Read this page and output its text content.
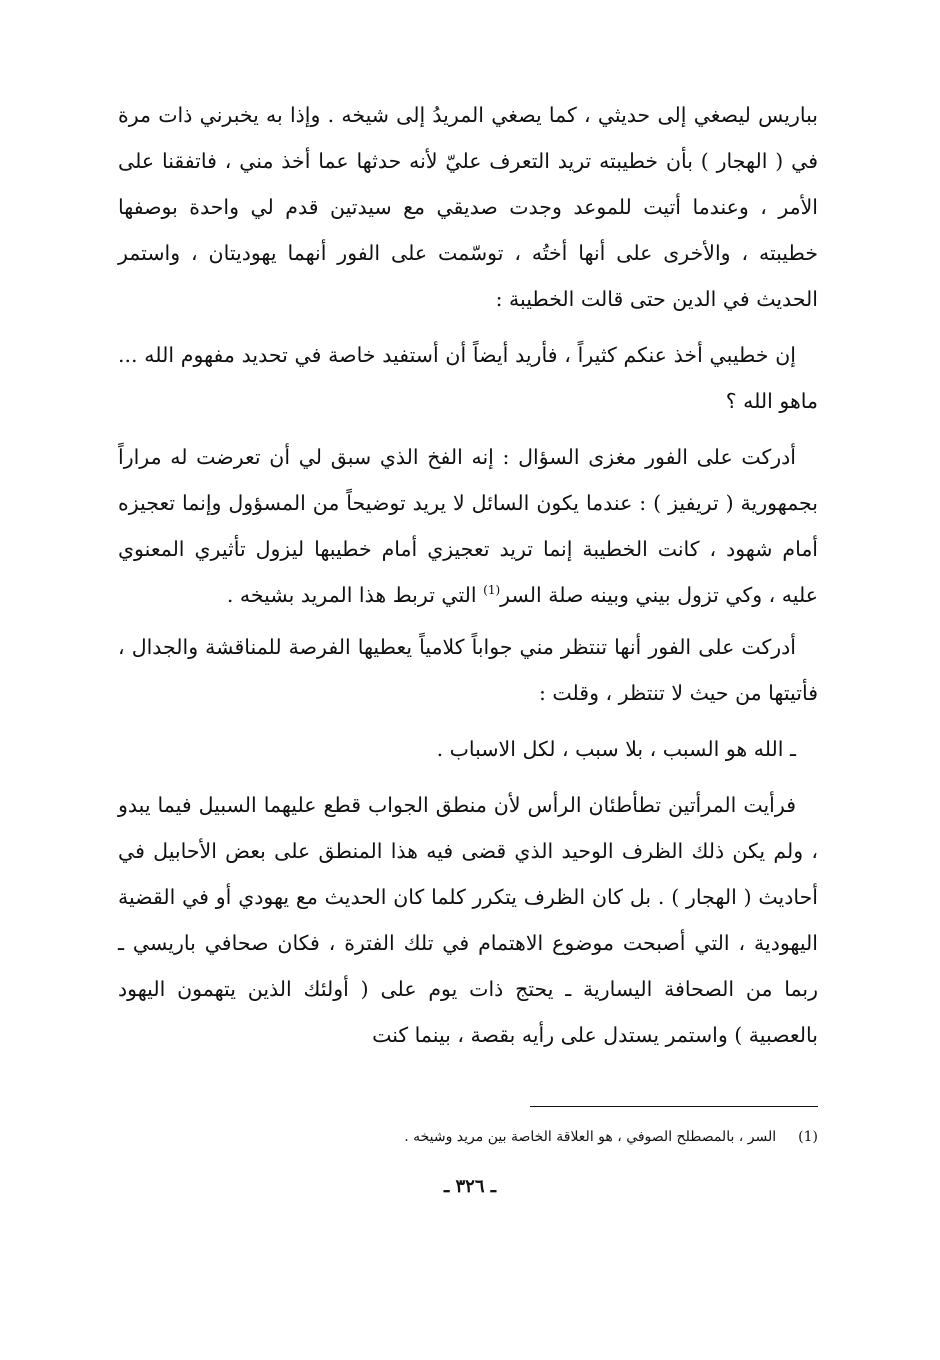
بباريس ليصغي إلى حديثي ، كما يصغي المريدُ إلى شيخه . وإذا به يخبرني ذات مرة في ( الهجار ) بأن خطيبته تريد التعرف عليّ لأنه حدثها عما أخذ مني ، فاتفقنا على الأمر ، وعندما أتيت للموعد وجدت صديقي مع سيدتين قدم لي واحدة بوصفها خطيبته ، والأخرى على أنها أختُه ، توسّمت على الفور أنهما يهوديتان ، واستمر الحديث في الدين حتى قالت الخطيبة :

إن خطيبي أخذ عنكم كثيراً ، فأريد أيضاً أن أستفيد خاصة في تحديد مفهوم الله ... ماهو الله ؟

أدركت على الفور مغزى السؤال : إنه الفخ الذي سبق لي أن تعرضت له مراراً بجمهورية ( تريفيز ) : عندما يكون السائل لا يريد توضيحاً من المسؤول وإنما تعجيزه أمام شهود ، كانت الخطيبة إنما تريد تعجيزي أمام خطيبها ليزول تأثيري المعنوي عليه ، وكي تزول بيني وبينه صلة السر$^{(1)}$ التي تربط هذا المريد بشيخه .

أدركت على الفور أنها تنتظر مني جواباً كلامياً يعطيها الفرصة للمناقشة والجدال ، فأتيتها من حيث لا تنتظر ، وقلت :

ـ الله هو السبب ، بلا سبب ، لكل الاسباب .

فرأيت المرأتين تطأطئان الرأس لأن منطق الجواب قطع عليهما السبيل فيما يبدو ، ولم يكن ذلك الظرف الوحيد الذي قضى فيه هذا المنطق على بعض الأحابيل في أحاديث ( الهجار ) . بل كان الظرف يتكرر كلما كان الحديث مع يهودي أو في القضية اليهودية ، التي أصبحت موضوع الاهتمام في تلك الفترة ، فكان صحافي باريسي ـ ربما من الصحافة اليسارية ـ يحتج ذات يوم على ( أولئك الذين يتهمون اليهود بالعصبية ) واستمر يستدل على رأيه بقصة ، بينما كنت

(1)السر ، بالمصطلح الصوفي ، هو العلاقة الخاصة بين مريد وشيخه .
ـ ٣٢٦ ـ
